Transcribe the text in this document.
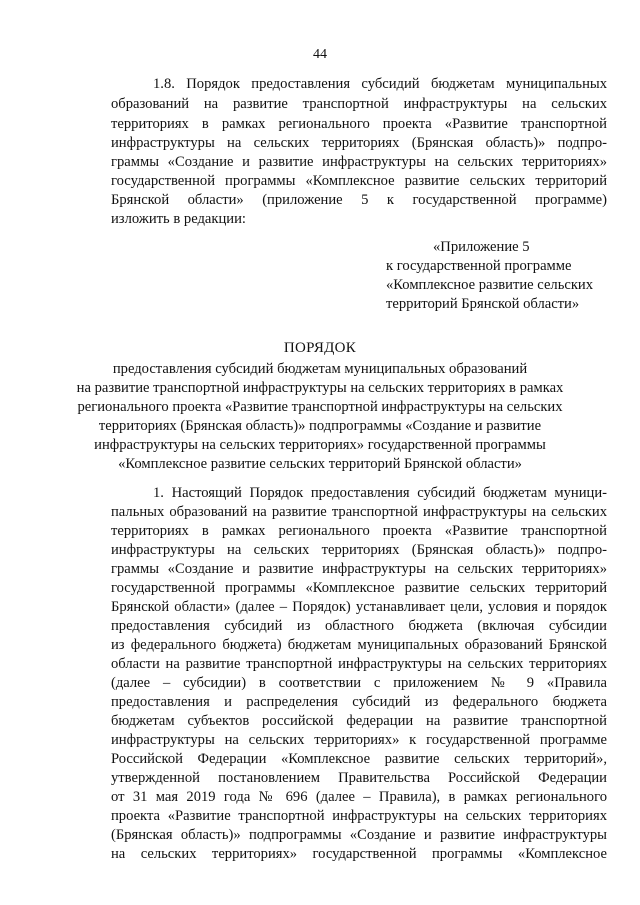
44
1.8. Порядок предоставления субсидий бюджетам муниципальных
образований на развитие транспортной инфраструктуры на сельских
территориях в рамках регионального проекта «Развитие транспортной
инфраструктуры на сельских территориях (Брянская область)» подпро-
граммы «Создание и развитие инфраструктуры на сельских территориях»
государственной программы «Комплексное развитие сельских территорий
Брянской области» (приложение 5 к государственной программе)
изложить в редакции:
«Приложение 5
к государственной программе
«Комплексное развитие сельских
территорий Брянской области»
ПОРЯДОК
предоставления субсидий бюджетам муниципальных образований
на развитие транспортной инфраструктуры на сельских территориях в рамках
регионального проекта «Развитие транспортной инфраструктуры на сельских
территориях (Брянская область)» подпрограммы «Создание и развитие
инфраструктуры на сельских территориях» государственной программы
«Комплексное развитие сельских территорий Брянской области»
1. Настоящий Порядок предоставления субсидий бюджетам муници-
пальных образований на развитие транспортной инфраструктуры на сельских
территориях в рамках регионального проекта «Развитие транспортной
инфраструктуры на сельских территориях (Брянская область)» подпро-
граммы «Создание и развитие инфраструктуры на сельских территориях»
государственной программы «Комплексное развитие сельских территорий
Брянской области» (далее – Порядок) устанавливает цели, условия и порядок
предоставления субсидий из областного бюджета (включая субсидии
из федерального бюджета) бюджетам муниципальных образований Брянской
области на развитие транспортной инфраструктуры на сельских территориях
(далее – субсидии) в соответствии с приложением № 9 «Правила
предоставления и распределения субсидий из федерального бюджета
бюджетам субъектов российской федерации на развитие транспортной
инфраструктуры на сельских территориях» к государственной программе
Российской Федерации «Комплексное развитие сельских территорий»,
утвержденной постановлением Правительства Российской Федерации
от 31 мая 2019 года № 696 (далее – Правила), в рамках регионального
проекта «Развитие транспортной инфраструктуры на сельских территориях
(Брянская область)» подпрограммы «Создание и развитие инфраструктуры
на сельских территориях» государственной программы «Комплексное
